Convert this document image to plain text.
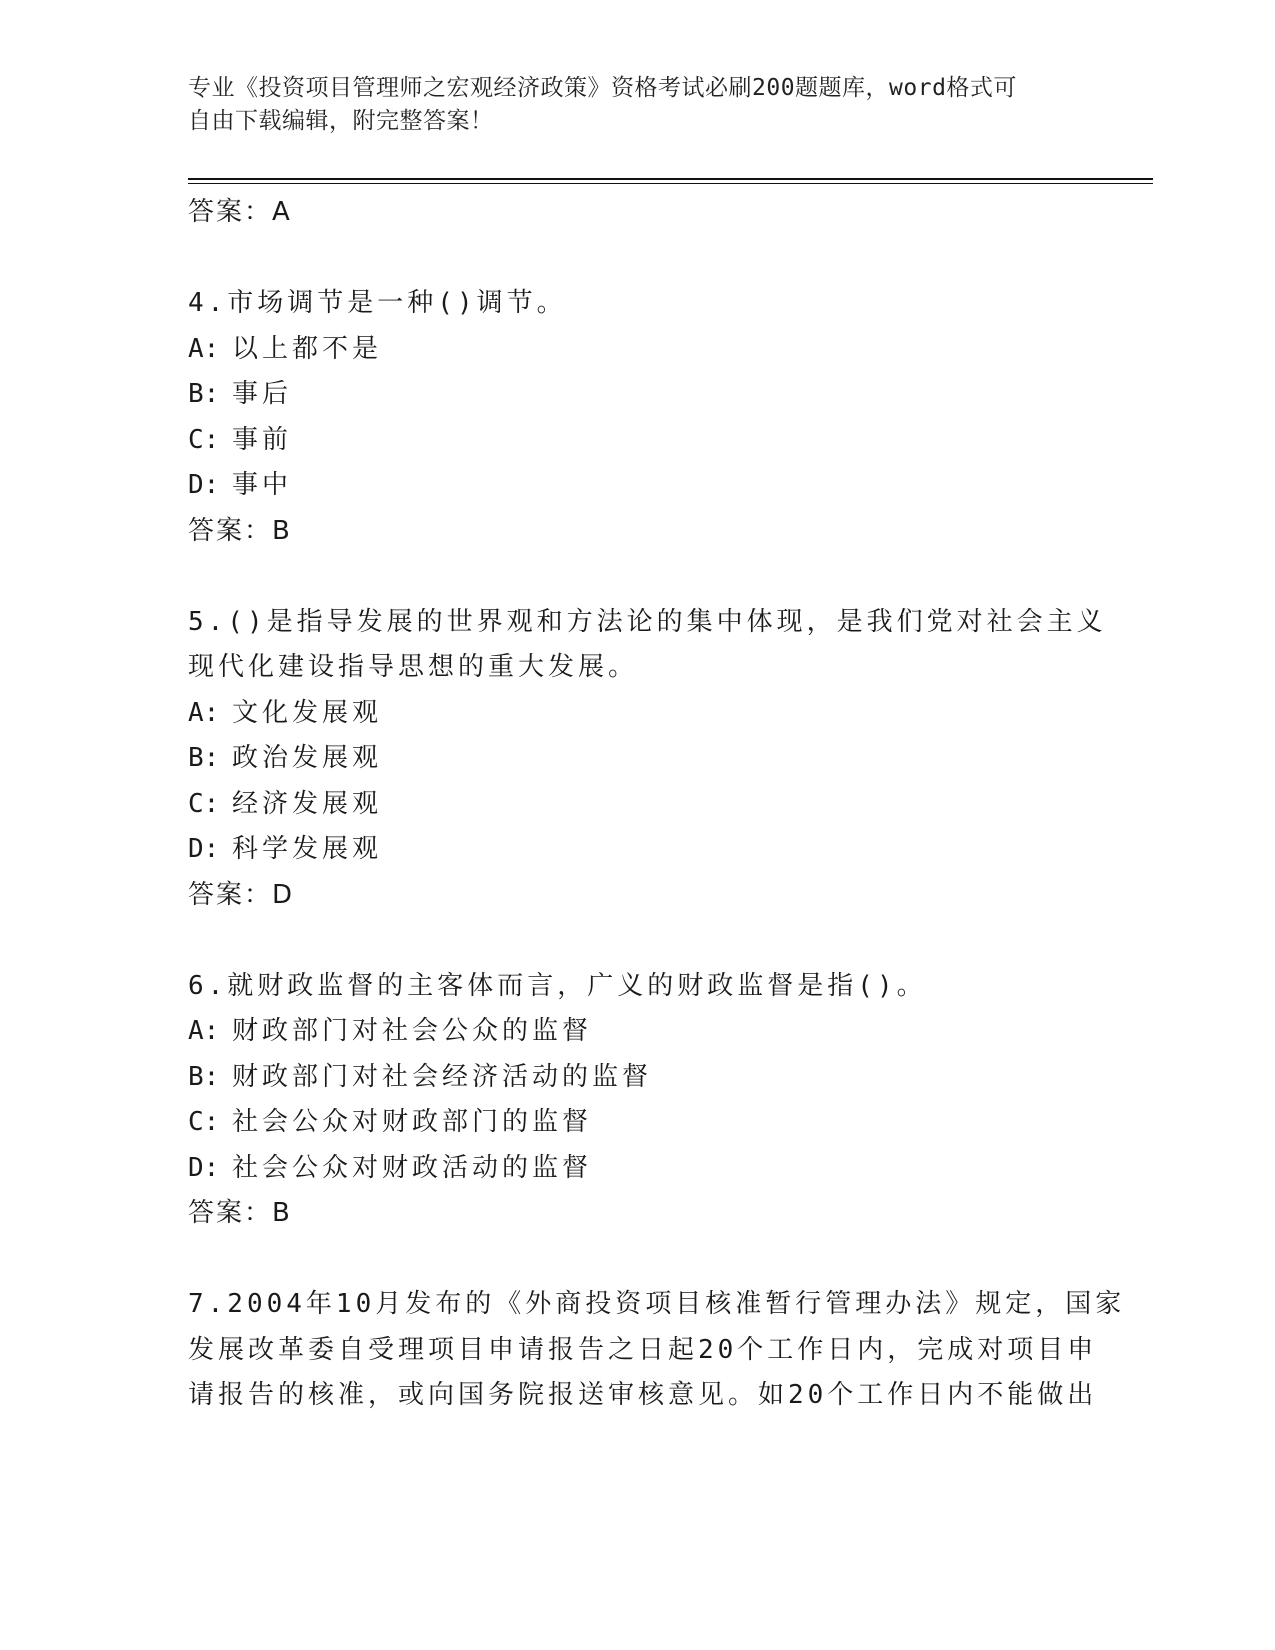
专业《投资项目管理师之宏观经济政策》资格考试必刷200题题库，word格式可
自由下载编辑，附完整答案！
答案：A
4.市场调节是一种()调节。
A: 以上都不是
B: 事后
C: 事前
D: 事中
答案：B
5.()是指导发展的世界观和方法论的集中体现，是我们党对社会主义
现代化建设指导思想的重大发展。
A: 文化发展观
B: 政治发展观
C: 经济发展观
D: 科学发展观
答案：D
6.就财政监督的主客体而言，广义的财政监督是指()。
A: 财政部门对社会公众的监督
B: 财政部门对社会经济活动的监督
C: 社会公众对财政部门的监督
D: 社会公众对财政活动的监督
答案：B
7.2004年10月发布的《外商投资项目核准暂行管理办法》规定，国家
发展改革委自受理项目申请报告之日起20个工作日内，完成对项目申
请报告的核准，或向国务院报送审核意见。如20个工作日内不能做出
